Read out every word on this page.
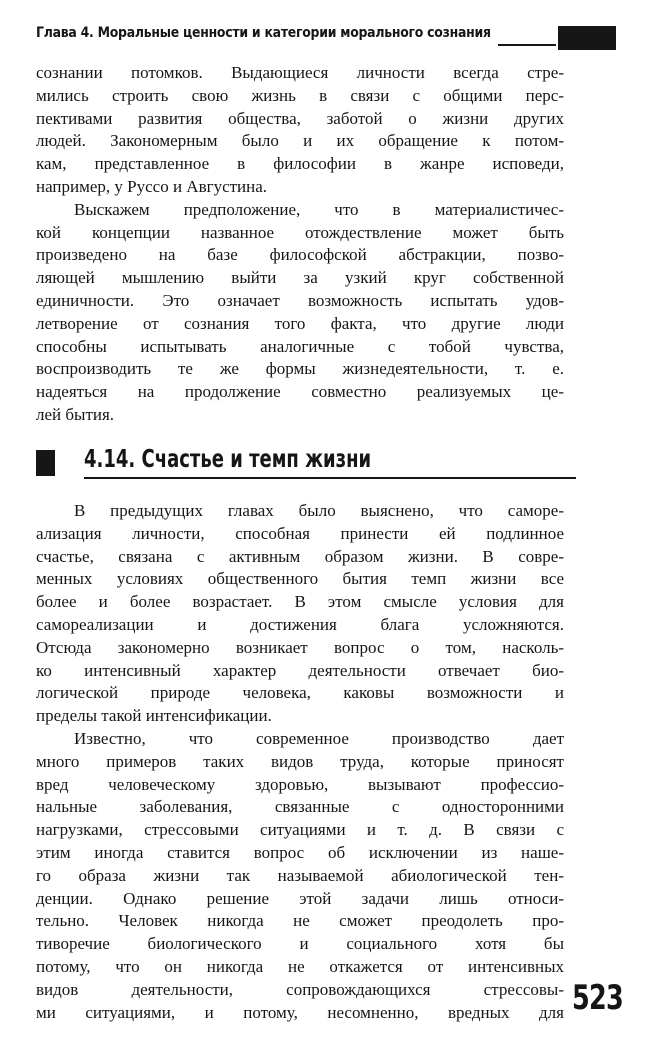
Глава 4. Моральные ценности и категории морального сознания

сознании потомков. Выдающиеся личности всегда стре-

мились строить свою жизнь в связи с общими перс-

пективами развития общества, заботой о жизни других

людей. Закономерным было и их обращение к потом-

кам, представленное в философии в жанре исповеди,

например, у Руссо и Августина.

Выскажем предположение, что в материалистичес-

кой концепции названное отождествление может быть

произведено на базе философской абстракции, позво-

ляющей мышлению выйти за узкий круг собственной

единичности. Это означает возможность испытать удов-

летворение от сознания того факта, что другие люди

способны испытывать аналогичные с тобой чувства,

воспроизводить те же формы жизнедеятельности, т. е.

надеяться на продолжение совместно реализуемых це-

лей бытия.

4.14. Счастье и темп жизни

В предыдущих главах было выяснено, что саморе-

ализация личности, способная принести ей подлинное

счастье, связана с активным образом жизни. В совре-

менных условиях общественного бытия темп жизни все

более и более возрастает. В этом смысле условия для

самореализации и достижения блага усложняются.

Отсюда закономерно возникает вопрос о том, насколь-

ко интенсивный характер деятельности отвечает био-

логической природе человека, каковы возможности и

пределы такой интенсификации.

Известно, что современное производство дает

много примеров таких видов труда, которые приносят

вред человеческому здоровью, вызывают профессио-

нальные заболевания, связанные с односторонними

нагрузками, стрессовыми ситуациями и т. д. В связи с

этим иногда ставится вопрос об исключении из наше-

го образа жизни так называемой абиологической тен-

денции. Однако решение этой задачи лишь относи-

тельно. Человек никогда не сможет преодолеть про-

тиворечие биологического и социального хотя бы

потому, что он никогда не откажется от интенсивных

видов деятельности, сопровождающихся стрессовы-

ми ситуациями, и потому, несомненно, вредных для 523
